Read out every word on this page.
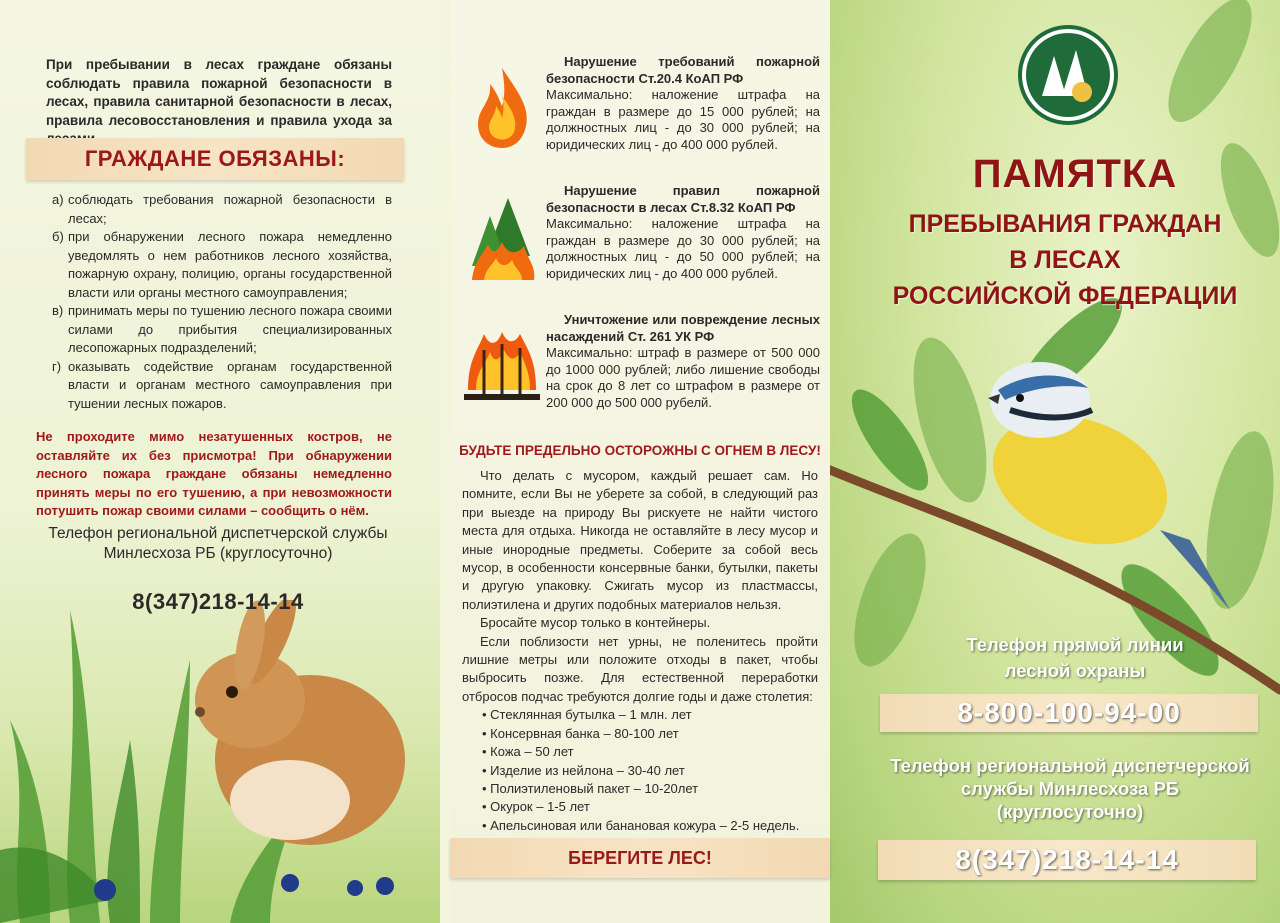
При пребывании в лесах граждане обязаны соблюдать правила пожарной безопасности в лесах, правила санитарной безопасности в лесах, правила лесовосстановления и правила ухода за
ГРАЖДАНЕ ОБЯЗАНЫ:
а) соблюдать требования пожарной безопасности в лесах;
б) при обнаружении лесного пожара немедленно уведомлять о нем работников лесного хозяйства, пожарную охрану, полицию, органы государственной власти или органы местного самоуправления;
в) принимать меры по тушению лесного пожара своими силами до прибытия специализированных лесопожарных подразделений;
г) оказывать содействие органам государственной власти и органам местного самоуправления при тушении лесных пожаров.
Не проходите мимо незатушенных костров, не оставляйте их без присмотра! При обнаружении лесного пожара граждане обязаны немедленно принять меры по его тушению, а при невозможности потушить пожар своими силами – сообщить о нём.
Телефон региональной диспетчерской службы Минлесхоза РБ (круглосуточно)
8(347)218-14-14
Нарушение требований пожарной безопасности Ст.20.4 КоАП РФ
Максимально: наложение штрафа на граждан в размере до 15 000 рублей; на должностных лиц - до 30 000 рублей; на юридических лиц - до 400 000 рублей.
Нарушение правил пожарной безопасности в лесах Ст.8.32 КоАП РФ
Максимально: наложение штрафа на граждан в размере до 30 000 рублей; на должностных лиц - до 50 000 рублей; на юридических лиц - до 400 000 рублей.
Уничтожение или повреждение лесных насаждений Ст. 261 УК РФ
Максимально: штраф в размере от 500 000 до 1000 000 рублей; либо лишение свободы на срок до 8 лет со штрафом в размере от 200 000 до 500 000 рубелй.
БУДЬТЕ ПРЕДЕЛЬНО ОСТОРОЖНЫ С ОГНЕМ В ЛЕСУ!

Что делать с мусором, каждый решает сам. Но помните, если Вы не уберете за собой, в следующий раз при выезде на природу Вы рискуете не найти чистого места для отдыха. Никогда не оставляйте в лесу мусор и иные инородные предметы. Соберите за собой весь мусор, в особенности консервные банки, бутылки, пакеты и другую упаковку. Сжигать мусор из пластмассы, полиэтилена и других подобных материалов нельзя.

Бросайте мусор только в контейнеры.

Если поблизости нет урны, не поленитесь пройти лишние метры или положите отходы в пакет, чтобы выбросить позже. Для естественной переработки отбросов подчас требуются долгие годы и даже столетия:

• Стеклянная бутылка – 1 млн. лет
• Консервная банка – 80-100 лет
• Кожа – 50 лет
• Изделие из нейлона – 30-40 лет
• Полиэтиленовый пакет – 10-20лет
• Окурок – 1-5 лет
• Апельсиновая или банановая кожура – 2-5 недель.
БЕРЕГИТЕ ЛЕС!
ПАМЯТКА
ПРЕБЫВАНИЯ ГРАЖДАН
В ЛЕСАХ
РОССИЙСКОЙ ФЕДЕРАЦИИ
Телефон прямой линии
лесной охраны
8-800-100-94-00
Телефон региональной диспетчерской
службы Минлесхоза РБ
(круглосуточно)
8(347)218-14-14
